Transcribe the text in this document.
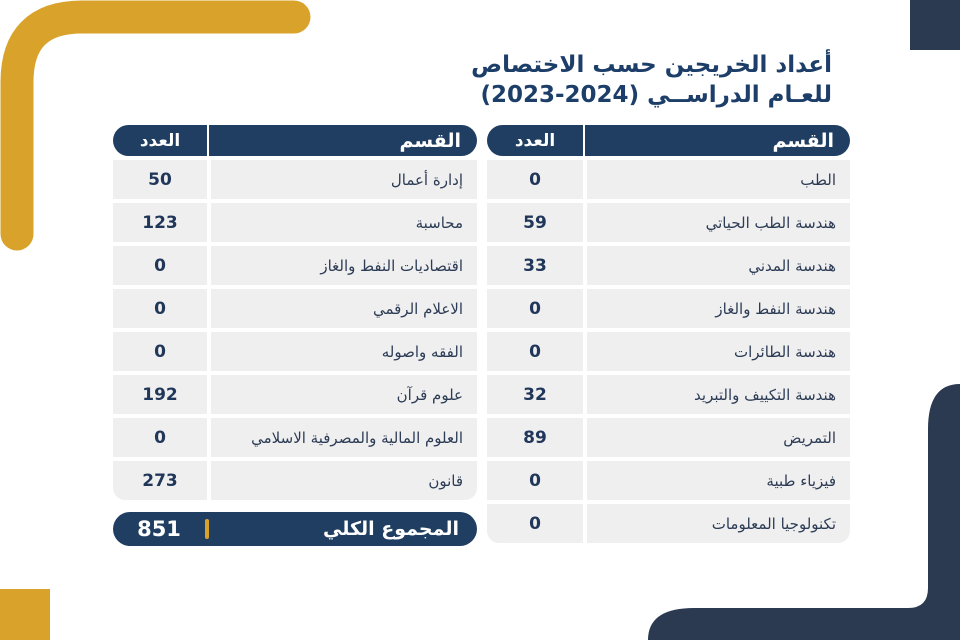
أعداد الخريجين حسب الاختصاص
للعـام الدراســي (2024-2023)
القسم
العدد
الطب
0
هندسة الطب الحياتي
59
هندسة المدني
33
هندسة النفط والغاز
0
هندسة الطائرات
0
هندسة التكييف والتبريد
32
التمريض
89
فيزياء طبية
0
تكنولوجيا المعلومات
0
القسم
العدد
إدارة أعمال
50
محاسبة
123
اقتصاديات النفط والغاز
0
الاعلام الرقمي
0
الفقه واصوله
0
علوم قرآن
192
العلوم المالية والمصرفية الاسلامي
0
قانون
273
المجموع الكلي
851
